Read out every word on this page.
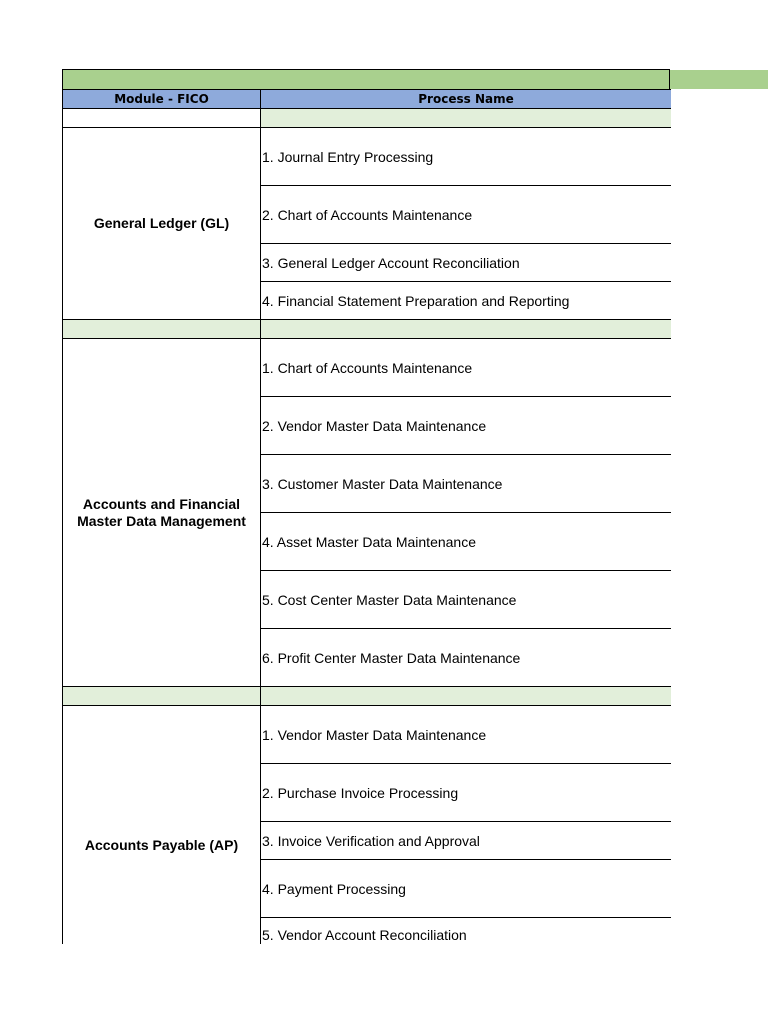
Module - FICO	Process Name

General Ledger (GL)	1. Journal Entry Processing
	2. Chart of Accounts Maintenance
	3. General Ledger Account Reconciliation
	4. Financial Statement Preparation and Reporting

Accounts and Financial Master Data Management	1. Chart of Accounts Maintenance
	2. Vendor Master Data Maintenance
	3. Customer Master Data Maintenance
	4. Asset Master Data Maintenance
	5. Cost Center Master Data Maintenance
	6. Profit Center Master Data Maintenance

Accounts Payable (AP)	1. Vendor Master Data Maintenance
	2. Purchase Invoice Processing
	3. Invoice Verification and Approval
	4. Payment Processing
	5. Vendor Account Reconciliation
